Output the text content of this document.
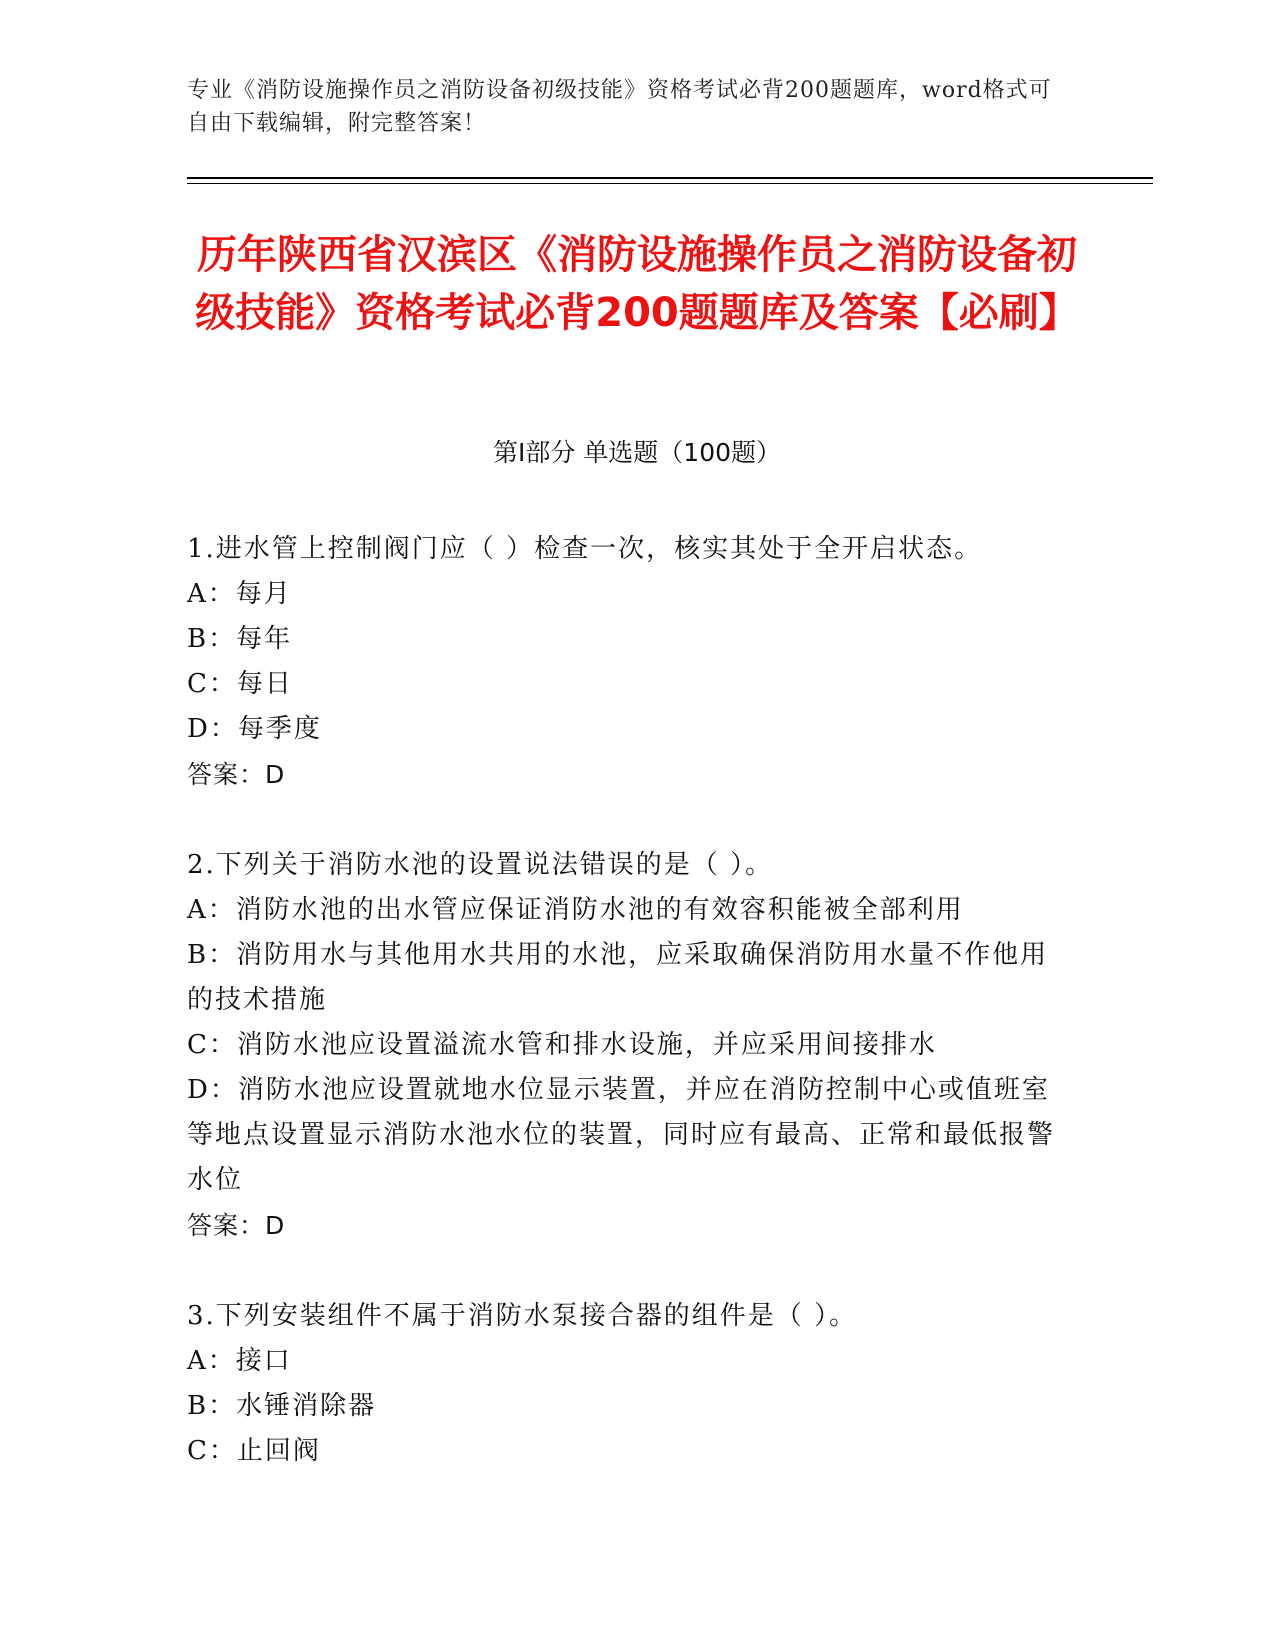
专业《消防设施操作员之消防设备初级技能》资格考试必背200题题库，word格式可自由下载编辑，附完整答案！
历年陕西省汉滨区《消防设施操作员之消防设备初级技能》资格考试必背200题题库及答案【必刷】
第Ⅰ部分 单选题（100题）
1.进水管上控制阀门应（ ）检查一次，核实其处于全开启状态。
A：每月
B：每年
C：每日
D：每季度
答案：D
2.下列关于消防水池的设置说法错误的是（ ）。
A：消防水池的出水管应保证消防水池的有效容积能被全部利用
B：消防用水与其他用水共用的水池，应采取确保消防用水量不作他用的技术措施
C：消防水池应设置溢流水管和排水设施，并应采用间接排水
D：消防水池应设置就地水位显示装置，并应在消防控制中心或值班室等地点设置显示消防水池水位的装置，同时应有最高、正常和最低报警水位
答案：D
3.下列安装组件不属于消防水泵接合器的组件是（ ）。
A：接口
B：水锤消除器
C：止回阀
